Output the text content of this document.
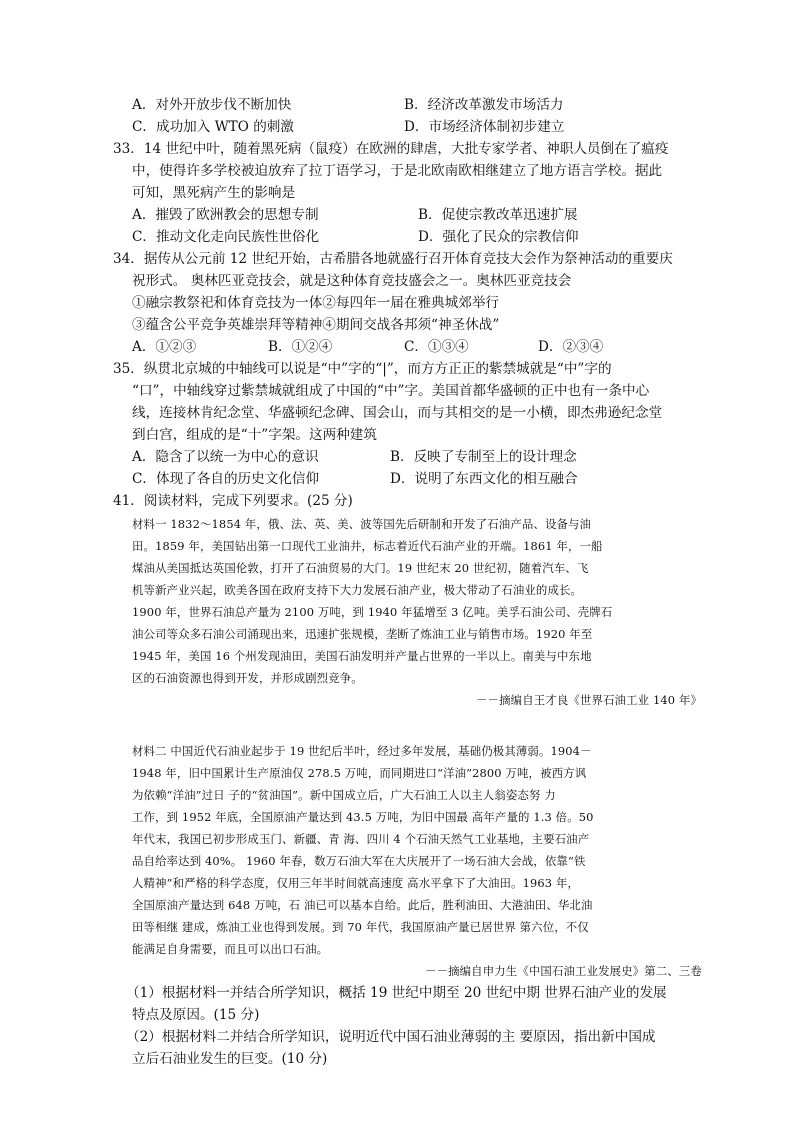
A．对外开放步伐不断加快	B．经济改革激发市场活力
C．成功加入 WTO 的刺激	D．市场经济体制初步建立
33．14 世纪中叶，随着黑死病（鼠疫）在欧洲的肆虐，大批专家学者、神职人员倒在了瘟疫
中，使得许多学校被迫放弃了拉丁语学习，于是北欧南欧相继建立了地方语言学校。据此
可知，黑死病产生的影响是
A．摧毁了欧洲教会的思想专制	B．促使宗教改革迅速扩展
C．推动文化走向民族性世俗化	D．强化了民众的宗教信仰
34．据传从公元前 12 世纪开始，古希腊各地就盛行召开体育竞技大会作为祭神活动的重要庆
祝形式。 奥林匹亚竞技会，就是这种体育竞技盛会之一。奥林匹亚竞技会
①融宗教祭祀和体育竞技为一体②每四年一届在雅典城郊举行
③蕴含公平竞争英雄崇拜等精神④期间交战各邦须“神圣休战”
A．①②③	B．①②④	C．①③④	D．②③④
35．纵贯北京城的中轴线可以说是“中”字的“|”，而方方正正的紫禁城就是“中”字的
“口”，中轴线穿过紫禁城就组成了中国的“中”字。美国首都华盛顿的正中也有一条中心
线，连接林肯纪念堂、华盛顿纪念碑、国会山，而与其相交的是一小横，即杰弗逊纪念堂
到白宫，组成的是“十”字架。这两种建筑
A．隐含了以统一为中心的意识	B．反映了专制至上的设计理念
C．体现了各自的历史文化信仰	D．说明了东西文化的相互融合
41．阅读材料，完成下列要求。(25 分)
材料一 1832～1854 年，俄、法、英、美、波等国先后研制和开发了石油产品、设备与油
田。1859 年，美国钻出第一口现代工业油井，标志着近代石油产业的开端。1861 年，一船
煤油从美国抵达英国伦敦，打开了石油贸易的大门。19 世纪末 20 世纪初，随着汽车、飞
机等新产业兴起，欧美各国在政府支持下大力发展石油产业，极大带动了石油业的成长。
1900 年，世界石油总产量为 2100 万吨，到 1940 年猛增至 3 亿吨。美孚石油公司、壳牌石
油公司等众多石油公司涌现出来，迅速扩张规模，垄断了炼油工业与销售市场。1920 年至
1945 年，美国 16 个州发现油田，美国石油发明并产量占世界的一半以上。南美与中东地
区的石油资源也得到开发，并形成剧烈竞争。
－－摘编自王才良《世界石油工业 140 年》
材料二 中国近代石油业起步于 19 世纪后半叶，经过多年发展，基础仍极其薄弱。1904－
1948 年，旧中国累计生产原油仅 278.5 万吨，而同期进口“洋油”2800 万吨，被西方讽
为依赖“洋油”过日 子的“贫油国”。新中国成立后，广大石油工人以主人翁姿态努 力
工作，到 1952 年底，全国原油产量达到 43.5 万吨，为旧中国最 高年产量的 1.3 倍。50
年代末，我国已初步形成玉门、新疆、青 海、四川 4 个石油天然气工业基地，主要石油产
品自给率达到 40%。 1960 年春，数万石油大军在大庆展开了一场石油大会战，依靠“铁
人精神”和严格的科学态度，仅用三年半时间就高速度 高水平拿下了大油田。1963 年，
全国原油产量达到 648 万吨，石 油已可以基本自给。此后，胜利油田、大港油田、华北油
田等相继 建成，炼油工业也得到发展。到 70 年代，我国原油产量已居世界 第六位，不仅
能满足自身需要，而且可以出口石油。
－－摘编自申力生《中国石油工业发展史》第二、三卷
（1）根据材料一并结合所学知识，概括 19 世纪中期至 20 世纪中期 世界石油产业的发展
特点及原因。(15 分)
（2）根据材料二并结合所学知识，说明近代中国石油业薄弱的主 要原因，指出新中国成
立后石油业发生的巨变。(10 分)
